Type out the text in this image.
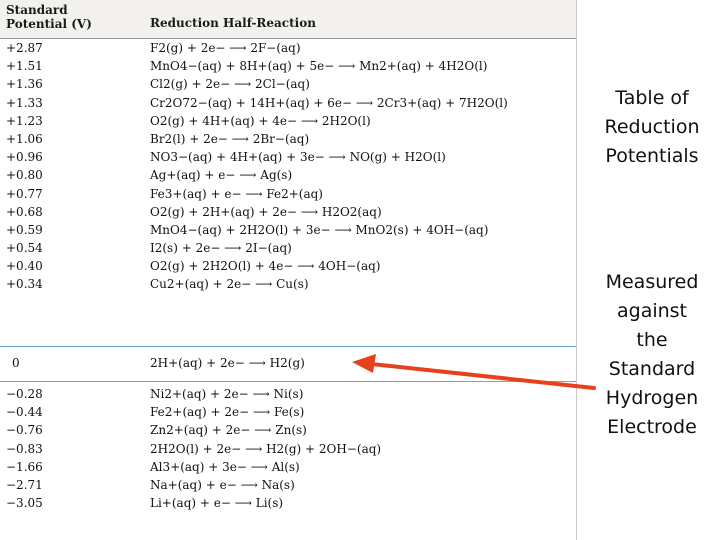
Standard Potential (V)	Reduction Half-Reaction
+2.87	F2(g) + 2e− ⟶ 2F−(aq)
+1.51	MnO4−(aq) + 8H+(aq) + 5e− ⟶ Mn2+(aq) + 4H2O(l)
+1.36	Cl2(g) + 2e− ⟶ 2Cl−(aq)
+1.33	Cr2O72−(aq) + 14H+(aq) + 6e− ⟶ 2Cr3+(aq) + 7H2O(l)
+1.23	O2(g) + 4H+(aq) + 4e− ⟶ 2H2O(l)
+1.06	Br2(l) + 2e− ⟶ 2Br−(aq)
+0.96	NO3−(aq) + 4H+(aq) + 3e− ⟶ NO(g) + H2O(l)
+0.80	Ag+(aq) + e− ⟶ Ag(s)
+0.77	Fe3+(aq) + e− ⟶ Fe2+(aq)
+0.68	O2(g) + 2H+(aq) + 2e− ⟶ H2O2(aq)
+0.59	MnO4−(aq) + 2H2O(l) + 3e− ⟶ MnO2(s) + 4OH−(aq)
+0.54	I2(s) + 2e− ⟶ 2I−(aq)
+0.40	O2(g) + 2H2O(l) + 4e− ⟶ 4OH−(aq)
+0.34	Cu2+(aq) + 2e− ⟶ Cu(s)
0	2H+(aq) + 2e− ⟶ H2(g)
−0.28	Ni2+(aq) + 2e− ⟶ Ni(s)
−0.44	Fe2+(aq) + 2e− ⟶ Fe(s)
−0.76	Zn2+(aq) + 2e− ⟶ Zn(s)
−0.83	2H2O(l) + 2e− ⟶ H2(g) + 2OH−(aq)
−1.66	Al3+(aq) + 3e− ⟶ Al(s)
−2.71	Na+(aq) + e− ⟶ Na(s)
−3.05	Li+(aq) + e− ⟶ Li(s)
Table of
Reduction
Potentials
Measured
against
the
Standard
Hydrogen
Electrode
